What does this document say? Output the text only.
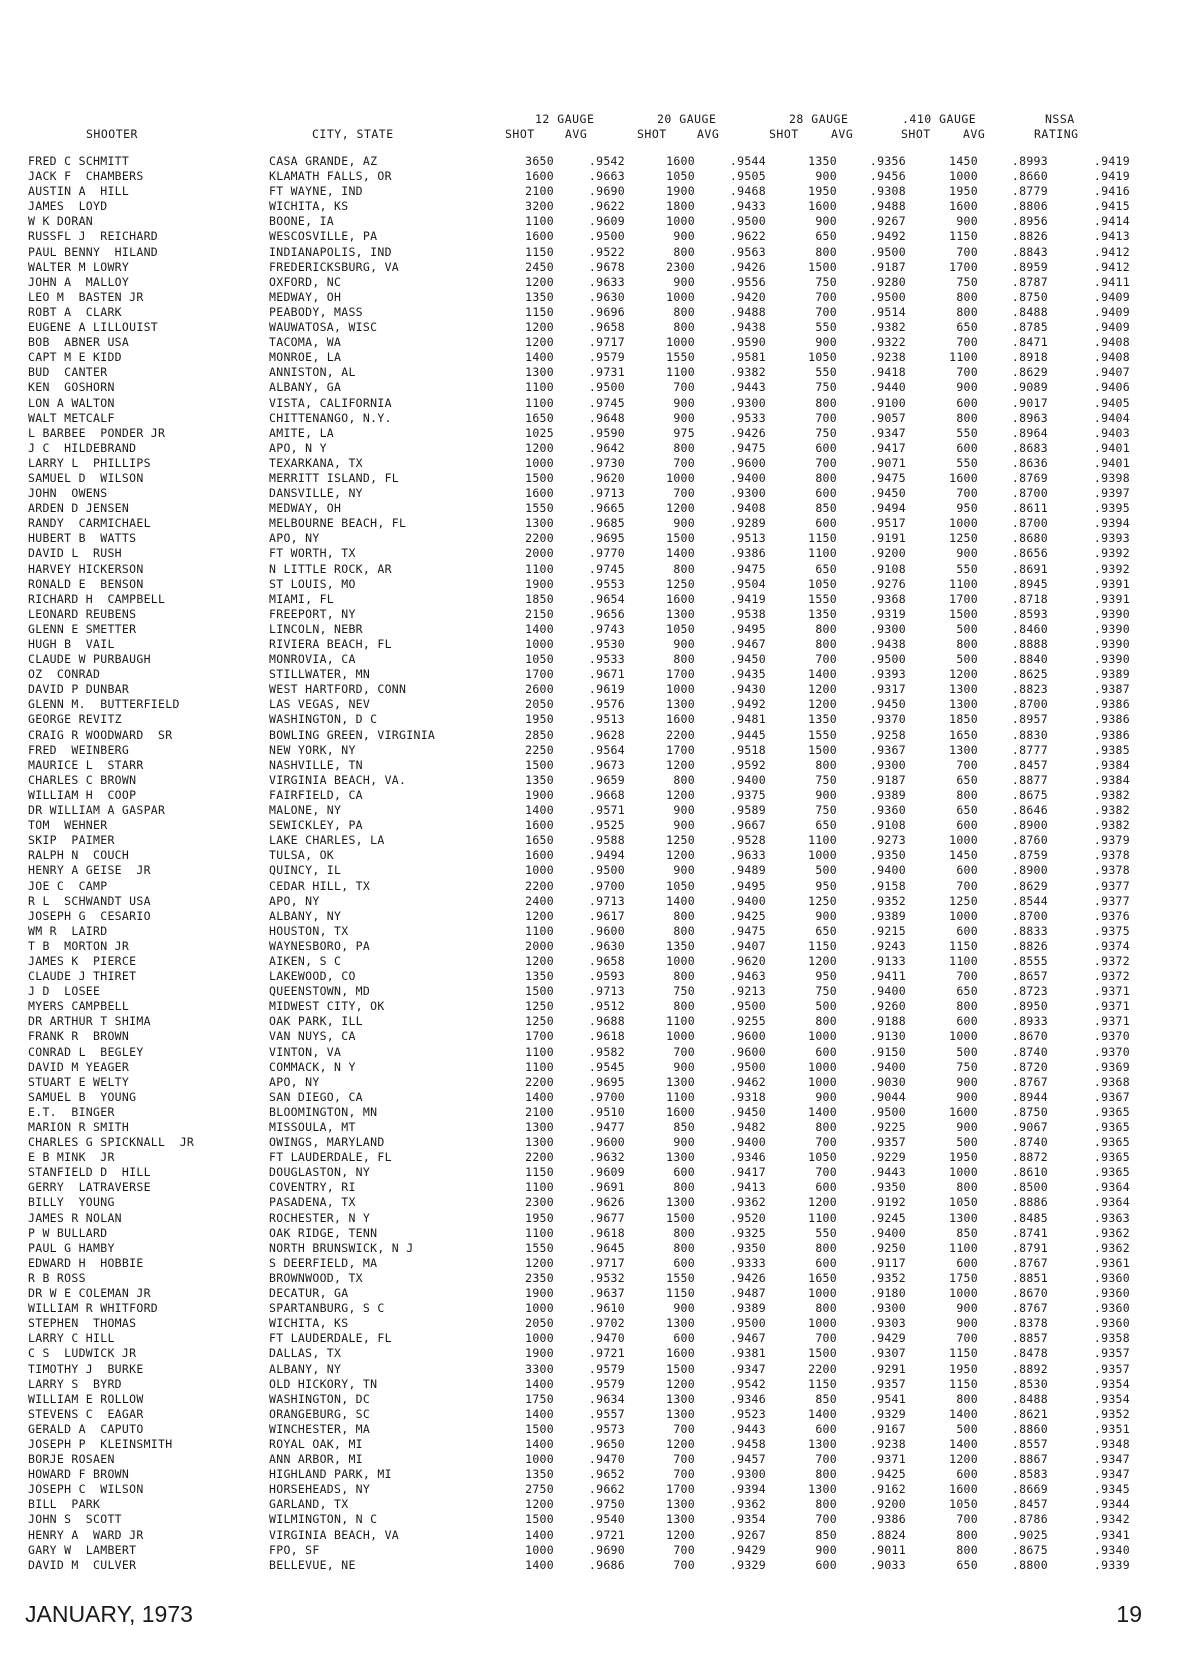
SHOOTER	CITY, STATE
12 GAUGE
SHOT	AVG
20 GAUGE
SHOT	AVG
28 GAUGE
SHOT	AVG
.410 GAUGE
SHOT	AVG
NSSA
RATING
FRED C SCHMITT	CASA GRANDE, AZ	3650	.9542	1600	.9544	1350	.9356	1450	.8993	.9419
JACK F  CHAMBERS	KLAMATH FALLS, OR	1600	.9663	1050	.9505	900	.9456	1000	.8660	.9419
AUSTIN A  HILL	FT WAYNE, IND	2100	.9690	1900	.9468	1950	.9308	1950	.8779	.9416
JAMES  LOYD	WICHITA, KS	3200	.9622	1800	.9433	1600	.9488	1600	.8806	.9415
W K DORAN	BOONE, IA	1100	.9609	1000	.9500	900	.9267	900	.8956	.9414
RUSSFL J  REICHARD	WESCOSVILLE, PA	1600	.9500	900	.9622	650	.9492	1150	.8826	.9413
PAUL BENNY  HILAND	INDIANAPOLIS, IND	1150	.9522	800	.9563	800	.9500	700	.8843	.9412
WALTER M LOWRY	FREDERICKSBURG, VA	2450	.9678	2300	.9426	1500	.9187	1700	.8959	.9412
JOHN A  MALLOY	OXFORD, NC	1200	.9633	900	.9556	750	.9280	750	.8787	.9411
LEO M  BASTEN JR	MEDWAY, OH	1350	.9630	1000	.9420	700	.9500	800	.8750	.9409
ROBT A  CLARK	PEABODY, MASS	1150	.9696	800	.9488	700	.9514	800	.8488	.9409
EUGENE A LILLOUIST	WAUWATOSA, WISC	1200	.9658	800	.9438	550	.9382	650	.8785	.9409
BOB  ABNER USA	TACOMA, WA	1200	.9717	1000	.9590	900	.9322	700	.8471	.9408
CAPT M E KIDD	MONROE, LA	1400	.9579	1550	.9581	1050	.9238	1100	.8918	.9408
BUD  CANTER	ANNISTON, AL	1300	.9731	1100	.9382	550	.9418	700	.8629	.9407
KEN  GOSHORN	ALBANY, GA	1100	.9500	700	.9443	750	.9440	900	.9089	.9406
LON A WALTON	VISTA, CALIFORNIA	1100	.9745	900	.9300	800	.9100	600	.9017	.9405
WALT METCALF	CHITTENANGO, N.Y.	1650	.9648	900	.9533	700	.9057	800	.8963	.9404
L BARBEE  PONDER JR	AMITE, LA	1025	.9590	975	.9426	750	.9347	550	.8964	.9403
J C  HILDEBRAND	APO, N Y	1200	.9642	800	.9475	600	.9417	600	.8683	.9401
LARRY L  PHILLIPS	TEXARKANA, TX	1000	.9730	700	.9600	700	.9071	550	.8636	.9401
SAMUEL D  WILSON	MERRITT ISLAND, FL	1500	.9620	1000	.9400	800	.9475	1600	.8769	.9398
JOHN  OWENS	DANSVILLE, NY	1600	.9713	700	.9300	600	.9450	700	.8700	.9397
ARDEN D JENSEN	MEDWAY, OH	1550	.9665	1200	.9408	850	.9494	950	.8611	.9395
RANDY  CARMICHAEL	MELBOURNE BEACH, FL	1300	.9685	900	.9289	600	.9517	1000	.8700	.9394
HUBERT B  WATTS	APO, NY	2200	.9695	1500	.9513	1150	.9191	1250	.8680	.9393
DAVID L  RUSH	FT WORTH, TX	2000	.9770	1400	.9386	1100	.9200	900	.8656	.9392
HARVEY HICKERSON	N LITTLE ROCK, AR	1100	.9745	800	.9475	650	.9108	550	.8691	.9392
RONALD E  BENSON	ST LOUIS, MO	1900	.9553	1250	.9504	1050	.9276	1100	.8945	.9391
RICHARD H  CAMPBELL	MIAMI, FL	1850	.9654	1600	.9419	1550	.9368	1700	.8718	.9391
LEONARD REUBENS	FREEPORT, NY	2150	.9656	1300	.9538	1350	.9319	1500	.8593	.9390
GLENN E SMETTER	LINCOLN, NEBR	1400	.9743	1050	.9495	800	.9300	500	.8460	.9390
HUGH B  VAIL	RIVIERA BEACH, FL	1000	.9530	900	.9467	800	.9438	800	.8888	.9390
CLAUDE W PURBAUGH	MONROVIA, CA	1050	.9533	800	.9450	700	.9500	500	.8840	.9390
OZ  CONRAD	STILLWATER, MN	1700	.9671	1700	.9435	1400	.9393	1200	.8625	.9389
DAVID P DUNBAR	WEST HARTFORD, CONN	2600	.9619	1000	.9430	1200	.9317	1300	.8823	.9387
GLENN M.  BUTTERFIELD	LAS VEGAS, NEV	2050	.9576	1300	.9492	1200	.9450	1300	.8700	.9386
GEORGE REVITZ	WASHINGTON, D C	1950	.9513	1600	.9481	1350	.9370	1850	.8957	.9386
CRAIG R WOODWARD  SR	BOWLING GREEN, VIRGINIA	2850	.9628	2200	.9445	1550	.9258	1650	.8830	.9386
FRED  WEINBERG	NEW YORK, NY	2250	.9564	1700	.9518	1500	.9367	1300	.8777	.9385
MAURICE L  STARR	NASHVILLE, TN	1500	.9673	1200	.9592	800	.9300	700	.8457	.9384
CHARLES C BROWN	VIRGINIA BEACH, VA.	1350	.9659	800	.9400	750	.9187	650	.8877	.9384
WILLIAM H  COOP	FAIRFIELD, CA	1900	.9668	1200	.9375	900	.9389	800	.8675	.9382
DR WILLIAM A GASPAR	MALONE, NY	1400	.9571	900	.9589	750	.9360	650	.8646	.9382
TOM  WEHNER	SEWICKLEY, PA	1600	.9525	900	.9667	650	.9108	600	.8900	.9382
SKIP  PAIMER	LAKE CHARLES, LA	1650	.9588	1250	.9528	1100	.9273	1000	.8760	.9379
RALPH N  COUCH	TULSA, OK	1600	.9494	1200	.9633	1000	.9350	1450	.8759	.9378
HENRY A GEISE  JR	QUINCY, IL	1000	.9500	900	.9489	500	.9400	600	.8900	.9378
JOE C  CAMP	CEDAR HILL, TX	2200	.9700	1050	.9495	950	.9158	700	.8629	.9377
R L  SCHWANDT USA	APO, NY	2400	.9713	1400	.9400	1250	.9352	1250	.8544	.9377
JOSEPH G  CESARIO	ALBANY, NY	1200	.9617	800	.9425	900	.9389	1000	.8700	.9376
WM R  LAIRD	HOUSTON, TX	1100	.9600	800	.9475	650	.9215	600	.8833	.9375
T B  MORTON JR	WAYNESBORO, PA	2000	.9630	1350	.9407	1150	.9243	1150	.8826	.9374
JAMES K  PIERCE	AIKEN, S C	1200	.9658	1000	.9620	1200	.9133	1100	.8555	.9372
CLAUDE J THIRET	LAKEWOOD, CO	1350	.9593	800	.9463	950	.9411	700	.8657	.9372
J D  LOSEE	QUEENSTOWN, MD	1500	.9713	750	.9213	750	.9400	650	.8723	.9371
MYERS CAMPBELL	MIDWEST CITY, OK	1250	.9512	800	.9500	500	.9260	800	.8950	.9371
DR ARTHUR T SHIMA	OAK PARK, ILL	1250	.9688	1100	.9255	800	.9188	600	.8933	.9371
FRANK R  BROWN	VAN NUYS, CA	1700	.9618	1000	.9600	1000	.9130	1000	.8670	.9370
CONRAD L  BEGLEY	VINTON, VA	1100	.9582	700	.9600	600	.9150	500	.8740	.9370
DAVID M YEAGER	COMMACK, N Y	1100	.9545	900	.9500	1000	.9400	750	.8720	.9369
STUART E WELTY	APO, NY	2200	.9695	1300	.9462	1000	.9030	900	.8767	.9368
SAMUEL B  YOUNG	SAN DIEGO, CA	1400	.9700	1100	.9318	900	.9044	900	.8944	.9367
E.T.  BINGER	BLOOMINGTON, MN	2100	.9510	1600	.9450	1400	.9500	1600	.8750	.9365
MARION R SMITH	MISSOULA, MT	1300	.9477	850	.9482	800	.9225	900	.9067	.9365
CHARLES G SPICKNALL  JR	OWINGS, MARYLAND	1300	.9600	900	.9400	700	.9357	500	.8740	.9365
E B MINK  JR	FT LAUDERDALE, FL	2200	.9632	1300	.9346	1050	.9229	1950	.8872	.9365
STANFIELD D  HILL	DOUGLASTON, NY	1150	.9609	600	.9417	700	.9443	1000	.8610	.9365
GERRY  LATRAVERSE	COVENTRY, RI	1100	.9691	800	.9413	600	.9350	800	.8500	.9364
BILLY  YOUNG	PASADENA, TX	2300	.9626	1300	.9362	1200	.9192	1050	.8886	.9364
JAMES R NOLAN	ROCHESTER, N Y	1950	.9677	1500	.9520	1100	.9245	1300	.8485	.9363
P W BULLARD	OAK RIDGE, TENN	1100	.9618	800	.9325	550	.9400	850	.8741	.9362
PAUL G HAMBY	NORTH BRUNSWICK, N J	1550	.9645	800	.9350	800	.9250	1100	.8791	.9362
EDWARD H  HOBBIE	S DEERFIELD, MA	1200	.9717	600	.9333	600	.9117	600	.8767	.9361
R B ROSS	BROWNWOOD, TX	2350	.9532	1550	.9426	1650	.9352	1750	.8851	.9360
DR W E COLEMAN JR	DECATUR, GA	1900	.9637	1150	.9487	1000	.9180	1000	.8670	.9360
WILLIAM R WHITFORD	SPARTANBURG, S C	1000	.9610	900	.9389	800	.9300	900	.8767	.9360
STEPHEN  THOMAS	WICHITA, KS	2050	.9702	1300	.9500	1000	.9303	900	.8378	.9360
LARRY C HILL	FT LAUDERDALE, FL	1000	.9470	600	.9467	700	.9429	700	.8857	.9358
C S  LUDWICK JR	DALLAS, TX	1900	.9721	1600	.9381	1500	.9307	1150	.8478	.9357
TIMOTHY J  BURKE	ALBANY, NY	3300	.9579	1500	.9347	2200	.9291	1950	.8892	.9357
LARRY S  BYRD	OLD HICKORY, TN	1400	.9579	1200	.9542	1150	.9357	1150	.8530	.9354
WILLIAM E ROLLOW	WASHINGTON, DC	1750	.9634	1300	.9346	850	.9541	800	.8488	.9354
STEVENS C  EAGAR	ORANGEBURG, SC	1400	.9557	1300	.9523	1400	.9329	1400	.8621	.9352
GERALD A  CAPUTO	WINCHESTER, MA	1500	.9573	700	.9443	600	.9167	500	.8860	.9351
JOSEPH P  KLEINSMITH	ROYAL OAK, MI	1400	.9650	1200	.9458	1300	.9238	1400	.8557	.9348
BORJE ROSAEN	ANN ARBOR, MI	1000	.9470	700	.9457	700	.9371	1200	.8867	.9347
HOWARD F BROWN	HIGHLAND PARK, MI	1350	.9652	700	.9300	800	.9425	600	.8583	.9347
JOSEPH C  WILSON	HORSEHEADS, NY	2750	.9662	1700	.9394	1300	.9162	1600	.8669	.9345
BILL  PARK	GARLAND, TX	1200	.9750	1300	.9362	800	.9200	1050	.8457	.9344
JOHN S  SCOTT	WILMINGTON, N C	1500	.9540	1300	.9354	700	.9386	700	.8786	.9342
HENRY A  WARD JR	VIRGINIA BEACH, VA	1400	.9721	1200	.9267	850	.8824	800	.9025	.9341
GARY W  LAMBERT	FPO, SF	1000	.9690	700	.9429	900	.9011	800	.8675	.9340
DAVID M  CULVER	BELLEVUE, NE	1400	.9686	700	.9329	600	.9033	650	.8800	.9339
JANUARY, 1973	19
